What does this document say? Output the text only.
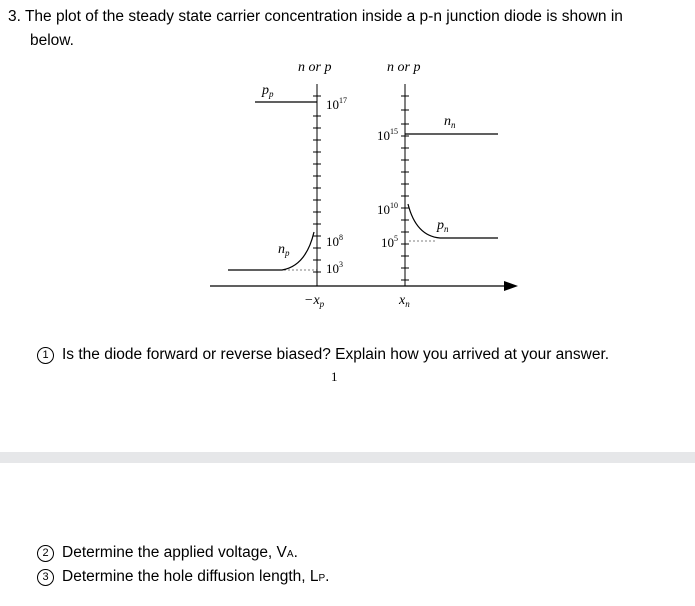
3. The plot of the steady state carrier concentration inside a p-n junction diode is shown in
below.
n or p	n or p
$p_p$
$n_p$
$n_n$
$p_n$
$10^{17}$
$10^8$
$10^3$
$10^{15}$
$10^{10}$
$10^5$
$-x_p$	$x_n$
1 Is the diode forward or reverse biased? Explain how you arrived at your answer.
1
2 Determine the applied voltage, VA.
3 Determine the hole diffusion length, LP.
